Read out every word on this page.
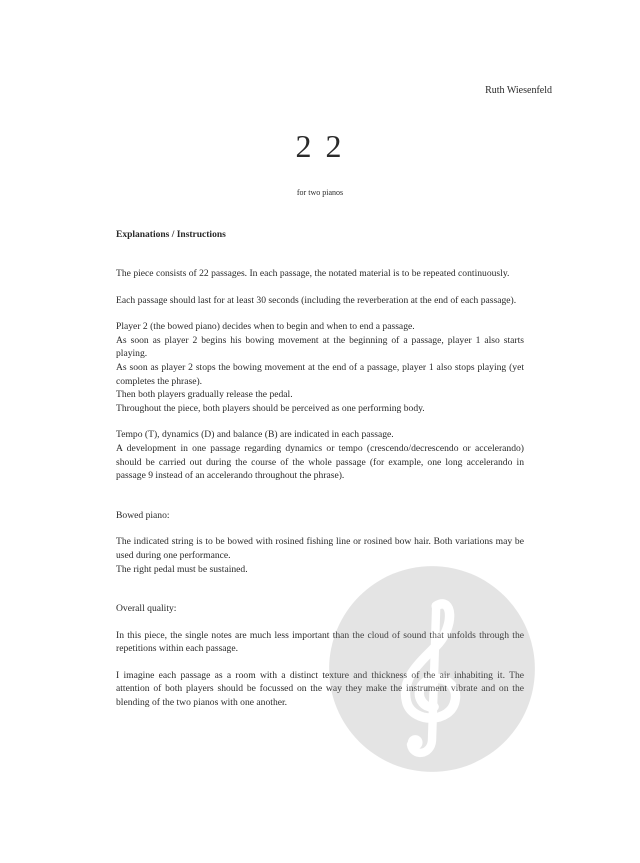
Ruth Wiesenfeld
2 2
for two pianos
Explanations / Instructions

The piece consists of 22 passages. In each passage, the notated material is to be repeated continuously.

Each passage should last for at least 30 seconds (including the reverberation at the end of each passage).

Player 2 (the bowed piano) decides when to begin and when to end a passage.
As soon as player 2 begins his bowing movement at the beginning of a passage, player 1 also starts playing.
As soon as player 2 stops the bowing movement at the end of a passage, player 1 also stops playing (yet completes the phrase).
Then both players gradually release the pedal.
Throughout the piece, both players should be perceived as one performing body.

Tempo (T), dynamics (D) and balance (B) are indicated in each passage.
A development in one passage regarding dynamics or tempo (crescendo/decrescendo or accelerando) should be carried out during the course of the whole passage (for example, one long accelerando in passage 9 instead of an accelerando throughout the phrase).

Bowed piano:

The indicated string is to be bowed with rosined fishing line or rosined bow hair. Both variations may be used during one performance.
The right pedal must be sustained.

Overall quality:

In this piece, the single notes are much less important than the cloud of sound that unfolds through the repetitions within each passage.

I imagine each passage as a room with a distinct texture and thickness of the air inhabiting it. The attention of both players should be focussed on the way they make the instrument vibrate and on the blending of the two pianos with one another.
